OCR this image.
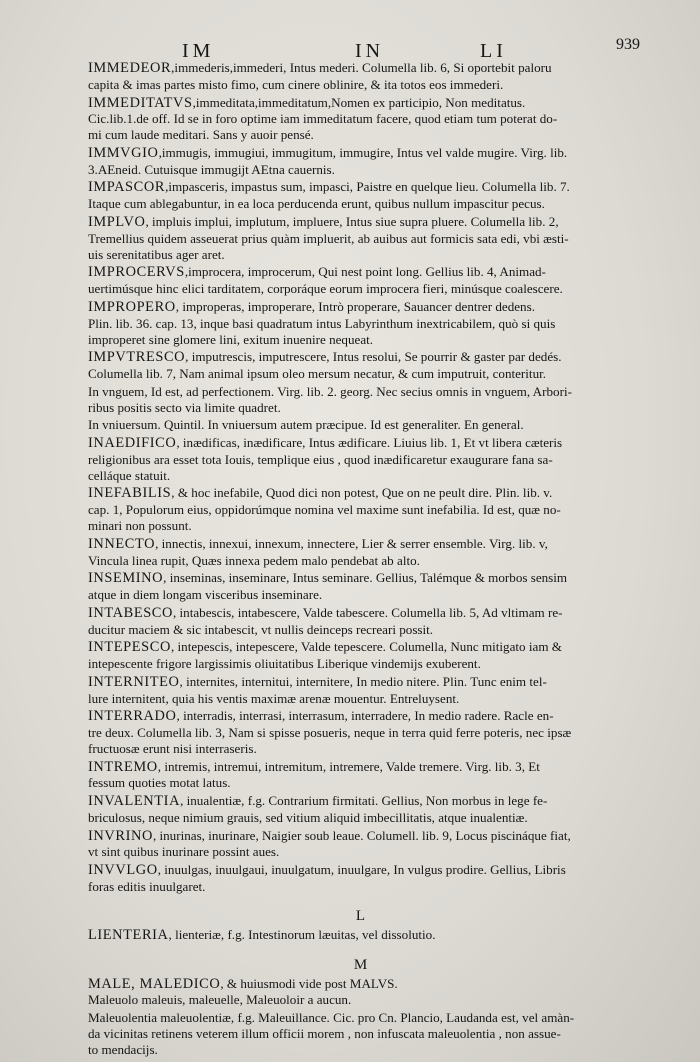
IM	IN	LI	939
IMMEDEOR,immederis,immederi, Intus mederi. Columella lib. 6, Si oportebit paloru
capita & imas partes misto fimo, cum cinere oblinire, & ita totos eos immederi.
IMMEDITATVS,immeditata,immeditatum,Nomen ex participio, Non meditatus.
Cic.lib.1.de off. Id se in foro optime iam immeditatum facere, quod etiam tum poterat do-
mi cum laude meditari. Sans y auoir pensé.
IMMVGIO,immugis, immugiui, immugitum, immugire, Intus vel valde mugire. Virg. lib.
3.AEneid. Cutuisque immugijt AEtna cauernis.
IMPASCOR,impasceris, impastus sum, impasci, Paistre en quelque lieu. Columella lib. 7.
Itaque cum ablegabuntur, in ea loca perducenda erunt, quibus nullum impascitur pecus.
IMPLVO, impluis implui, implutum, impluere, Intus siue supra pluere. Columella lib. 2,
Tremellius quidem asseuerat prius quàm impluerit, ab auibus aut formicis sata edi, vbi æsti-
uis serenitatibus ager aret.
IMPROCERVS,improcera, improcerum, Qui nest point long. Gellius lib. 4, Animad-
uertimúsque hinc elici tarditatem, corporáque eorum improcera fieri, minúsque coalescere.
IMPROPERO, improperas, improperare, Intrò properare, Sauancer dentrer dedens.
Plin. lib. 36. cap. 13, inque basi quadratum intus Labyrinthum inextricabilem, quò si quis
improperet sine glomere lini, exitum inuenire nequeat.
IMPVTRESCO, imputrescis, imputrescere, Intus resolui, Se pourrir & gaster par dedés.
Columella lib. 7, Nam animal ipsum oleo mersum necatur, & cum imputruit, conteritur.
In vnguem, Id est, ad perfectionem. Virg. lib. 2. georg. Nec secius omnis in vnguem, Arbori-
ribus positis secto via limite quadret.
In vniuersum. Quintil. In vniuersum autem præcipue. Id est generaliter. En general.
INAEDIFICO, inædificas, inædificare, Intus ædificare. Liuius lib. 1, Et vt libera cæteris
religionibus ara esset tota Iouis, templique eius , quod inædificaretur exaugurare fana sa-
celláque statuit.
INEFABILIS, & hoc inefabile, Quod dici non potest, Que on ne peult dire. Plin. lib. v.
cap. 1, Populorum eius, oppidorúmque nomina vel maxime sunt inefabilia. Id est, quæ no-
minari non possunt.
INNECTO, innectis, innexui, innexum, innectere, Lier & serrer ensemble. Virg. lib. v,
Vincula linea rupit, Quæs innexa pedem malo pendebat ab alto.
INSEMINO, inseminas, inseminare, Intus seminare. Gellius, Talémque & morbos sensim
atque in diem longam visceribus inseminare.
INTABESCO, intabescis, intabescere, Valde tabescere. Columella lib. 5, Ad vltimam re-
ducitur maciem & sic intabescit, vt nullis deinceps recreari possit.
INTEPESCO, intepescis, intepescere, Valde tepescere. Columella, Nunc mitigato iam &
intepescente frigore largissimis oliuitatibus Liberique vindemijs exuberent.
INTERNITEO, internites, internitui, internitere, In medio nitere. Plin. Tunc enim tel-
lure internitent, quia his ventis maximæ arenæ mouentur. Entreluysent.
INTERRADO, interradis, interrasi, interrasum, interradere, In medio radere. Racle en-
tre deux. Columella lib. 3, Nam si spisse posueris, neque in terra quid ferre poteris, nec ipsæ
fructuosæ erunt nisi interraseris.
INTREMO, intremis, intremui, intremitum, intremere, Valde tremere. Virg. lib. 3, Et
fessum quoties motat latus.
INVALENTIA, inualentiæ, f.g. Contrarium firmitati. Gellius, Non morbus in lege fe-
briculosus, neque nimium grauis, sed vitium aliquid imbecillitatis, atque inualentiæ.
INVRINO, inurinas, inurinare, Naigier soub leaue. Columell. lib. 9, Locus piscináque fiat,
vt sint quibus inurinare possint aues.
INVVLGO, inuulgas, inuulgaui, inuulgatum, inuulgare, In vulgus prodire. Gellius, Libris
foras editis inuulgaret.
L
LIENTERIA, lienteriæ, f.g. Intestinorum læuitas, vel dissolutio.
M
MALE, MALEDICO, & huiusmodi vide post MALVS.
Maleuolo maleuis, maleuelle, Maleuoloir a aucun.
Maleuolentia maleuolentiæ, f.g. Maleuillance. Cic. pro Cn. Plancio, Laudanda est, vel amàn-
da vicinitas retinens veterem illum officii morem , non infuscata maleuolentia , non assue-
to mendacijs.
